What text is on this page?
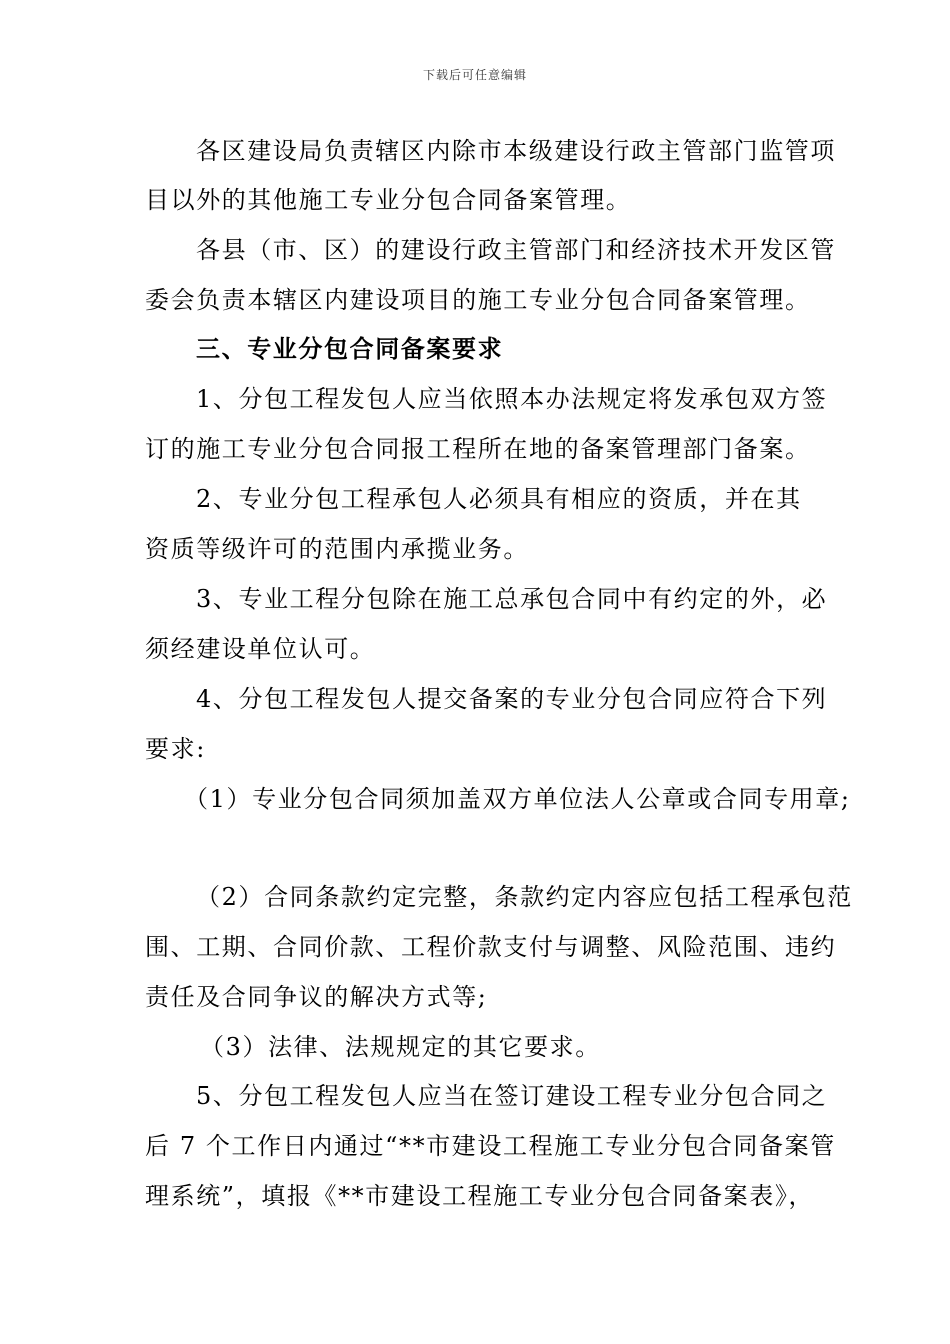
下载后可任意编辑
各区建设局负责辖区内除市本级建设行政主管部门监管项
目以外的其他施工专业分包合同备案管理。
各县（市、区）的建设行政主管部门和经济技术开发区管
委会负责本辖区内建设项目的施工专业分包合同备案管理。
三、专业分包合同备案要求
1、分包工程发包人应当依照本办法规定将发承包双方签
订的施工专业分包合同报工程所在地的备案管理部门备案。
2、专业分包工程承包人必须具有相应的资质，并在其
资质等级许可的范围内承揽业务。
3、专业工程分包除在施工总承包合同中有约定的外，必
须经建设单位认可。
4、分包工程发包人提交备案的专业分包合同应符合下列
要求:
（1）专业分包合同须加盖双方单位法人公章或合同专用章;
（2）合同条款约定完整，条款约定内容应包括工程承包范
围、工期、合同价款、工程价款支付与调整、风险范围、违约
责任及合同争议的解决方式等;
（3）法律、法规规定的其它要求。
5、分包工程发包人应当在签订建设工程专业分包合同之
后 7 个工作日内通过“**市建设工程施工专业分包合同备案管
理系统”，填报《**市建设工程施工专业分包合同备案表》，
